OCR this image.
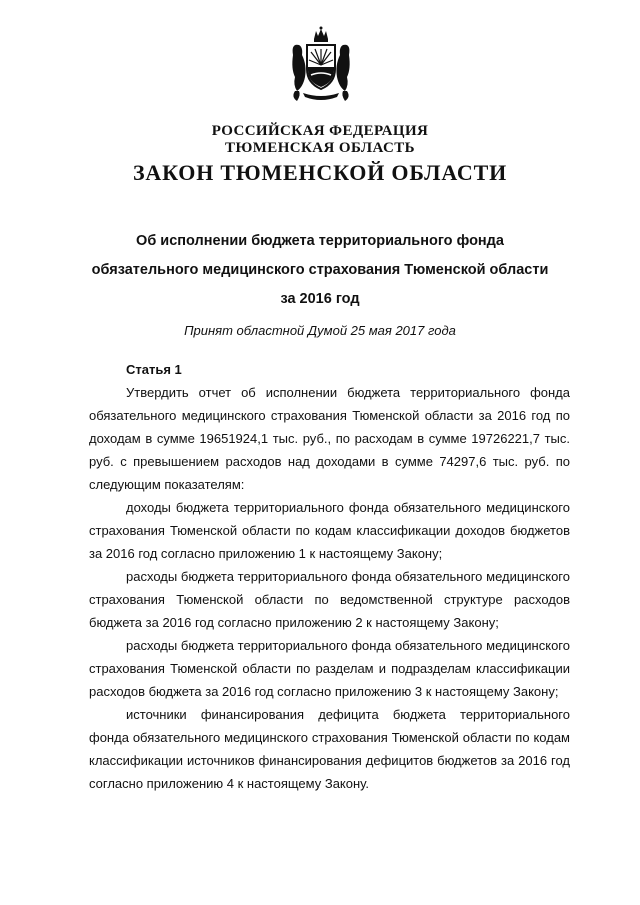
РОССИЙСКАЯ ФЕДЕРАЦИЯ
ТЮМЕНСКАЯ ОБЛАСТЬ
ЗАКОН ТЮМЕНСКОЙ ОБЛАСТИ
Об исполнении бюджета территориального фонда
обязательного медицинского страхования Тюменской области
за 2016 год
Принят областной Думой 25 мая 2017 года

Статья 1

Утвердить отчет об исполнении бюджета территориального фонда обязательного медицинского страхования Тюменской области за 2016 год по доходам в сумме 19651924,1 тыс. руб., по расходам в сумме 19726221,7 тыс. руб. с превышением расходов над доходами в сумме 74297,6 тыс. руб. по следующим показателям:

доходы бюджета территориального фонда обязательного медицинского страхования Тюменской области по кодам классификации доходов бюджетов за 2016 год согласно приложению 1 к настоящему Закону;

расходы бюджета территориального фонда обязательного медицинского страхования Тюменской области по ведомственной структуре расходов бюджета за 2016 год согласно приложению 2 к настоящему Закону;

расходы бюджета территориального фонда обязательного медицинского страхования Тюменской области по разделам и подразделам классификации расходов бюджета за 2016 год согласно приложению 3 к настоящему Закону;

источники финансирования дефицита бюджета территориального фонда обязательного медицинского страхования Тюменской области по кодам классификации источников финансирования дефицитов бюджетов за 2016 год согласно приложению 4 к настоящему Закону.
